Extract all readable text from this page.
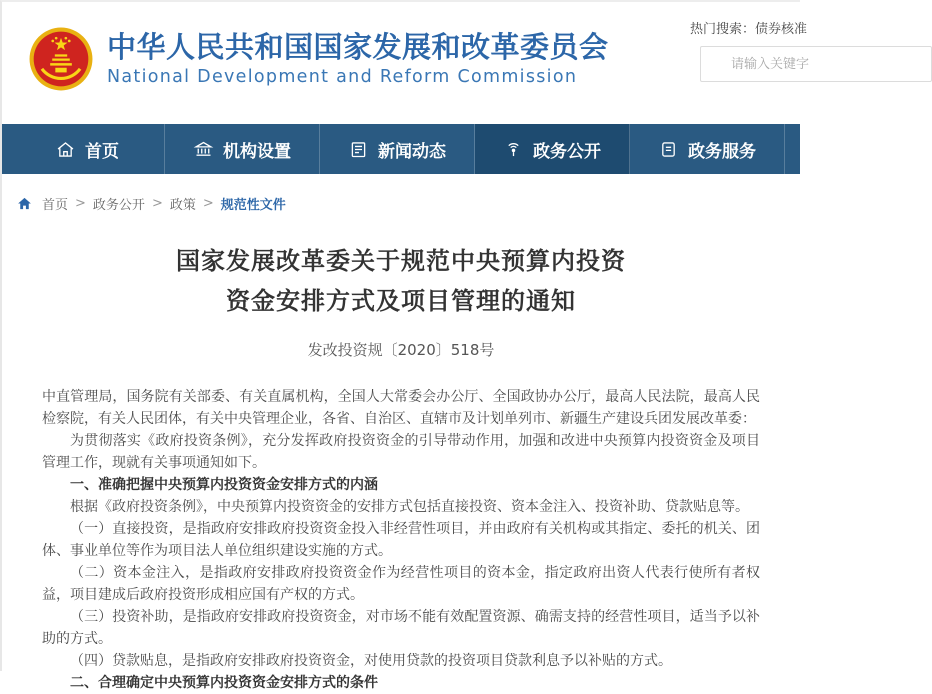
中华人民共和国国家发展和改革委员会
National Development and Reform Commission
热门搜索：债券核准
请输入关键字
首页	机构设置	新闻动态	政务公开	政务服务
首页 > 政务公开 > 政策 > 规范性文件
国家发展改革委关于规范中央预算内投资
资金安排方式及项目管理的通知
发改投资规〔2020〕518号

中直管理局，国务院有关部委、有关直属机构，全国人大常委会办公厅、全国政协办公厅，最高人民法院，最高人民检察院，有关人民团体，有关中央管理企业，各省、自治区、直辖市及计划单列市、新疆生产建设兵团发展改革委：

为贯彻落实《政府投资条例》，充分发挥政府投资资金的引导带动作用，加强和改进中央预算内投资资金及项目管理工作，现就有关事项通知如下。

一、准确把握中央预算内投资资金安排方式的内涵

根据《政府投资条例》，中央预算内投资资金的安排方式包括直接投资、资本金注入、投资补助、贷款贴息等。

（一）直接投资，是指政府安排政府投资资金投入非经营性项目，并由政府有关机构或其指定、委托的机关、团体、事业单位等作为项目法人单位组织建设实施的方式。

（二）资本金注入，是指政府安排政府投资资金作为经营性项目的资本金，指定政府出资人代表行使所有者权益，项目建成后政府投资形成相应国有产权的方式。

（三）投资补助，是指政府安排政府投资资金，对市场不能有效配置资源、确需支持的经营性项目，适当予以补助的方式。

（四）贷款贴息，是指政府安排政府投资资金，对使用贷款的投资项目贷款利息予以补贴的方式。

二、合理确定中央预算内投资资金安排方式的条件
